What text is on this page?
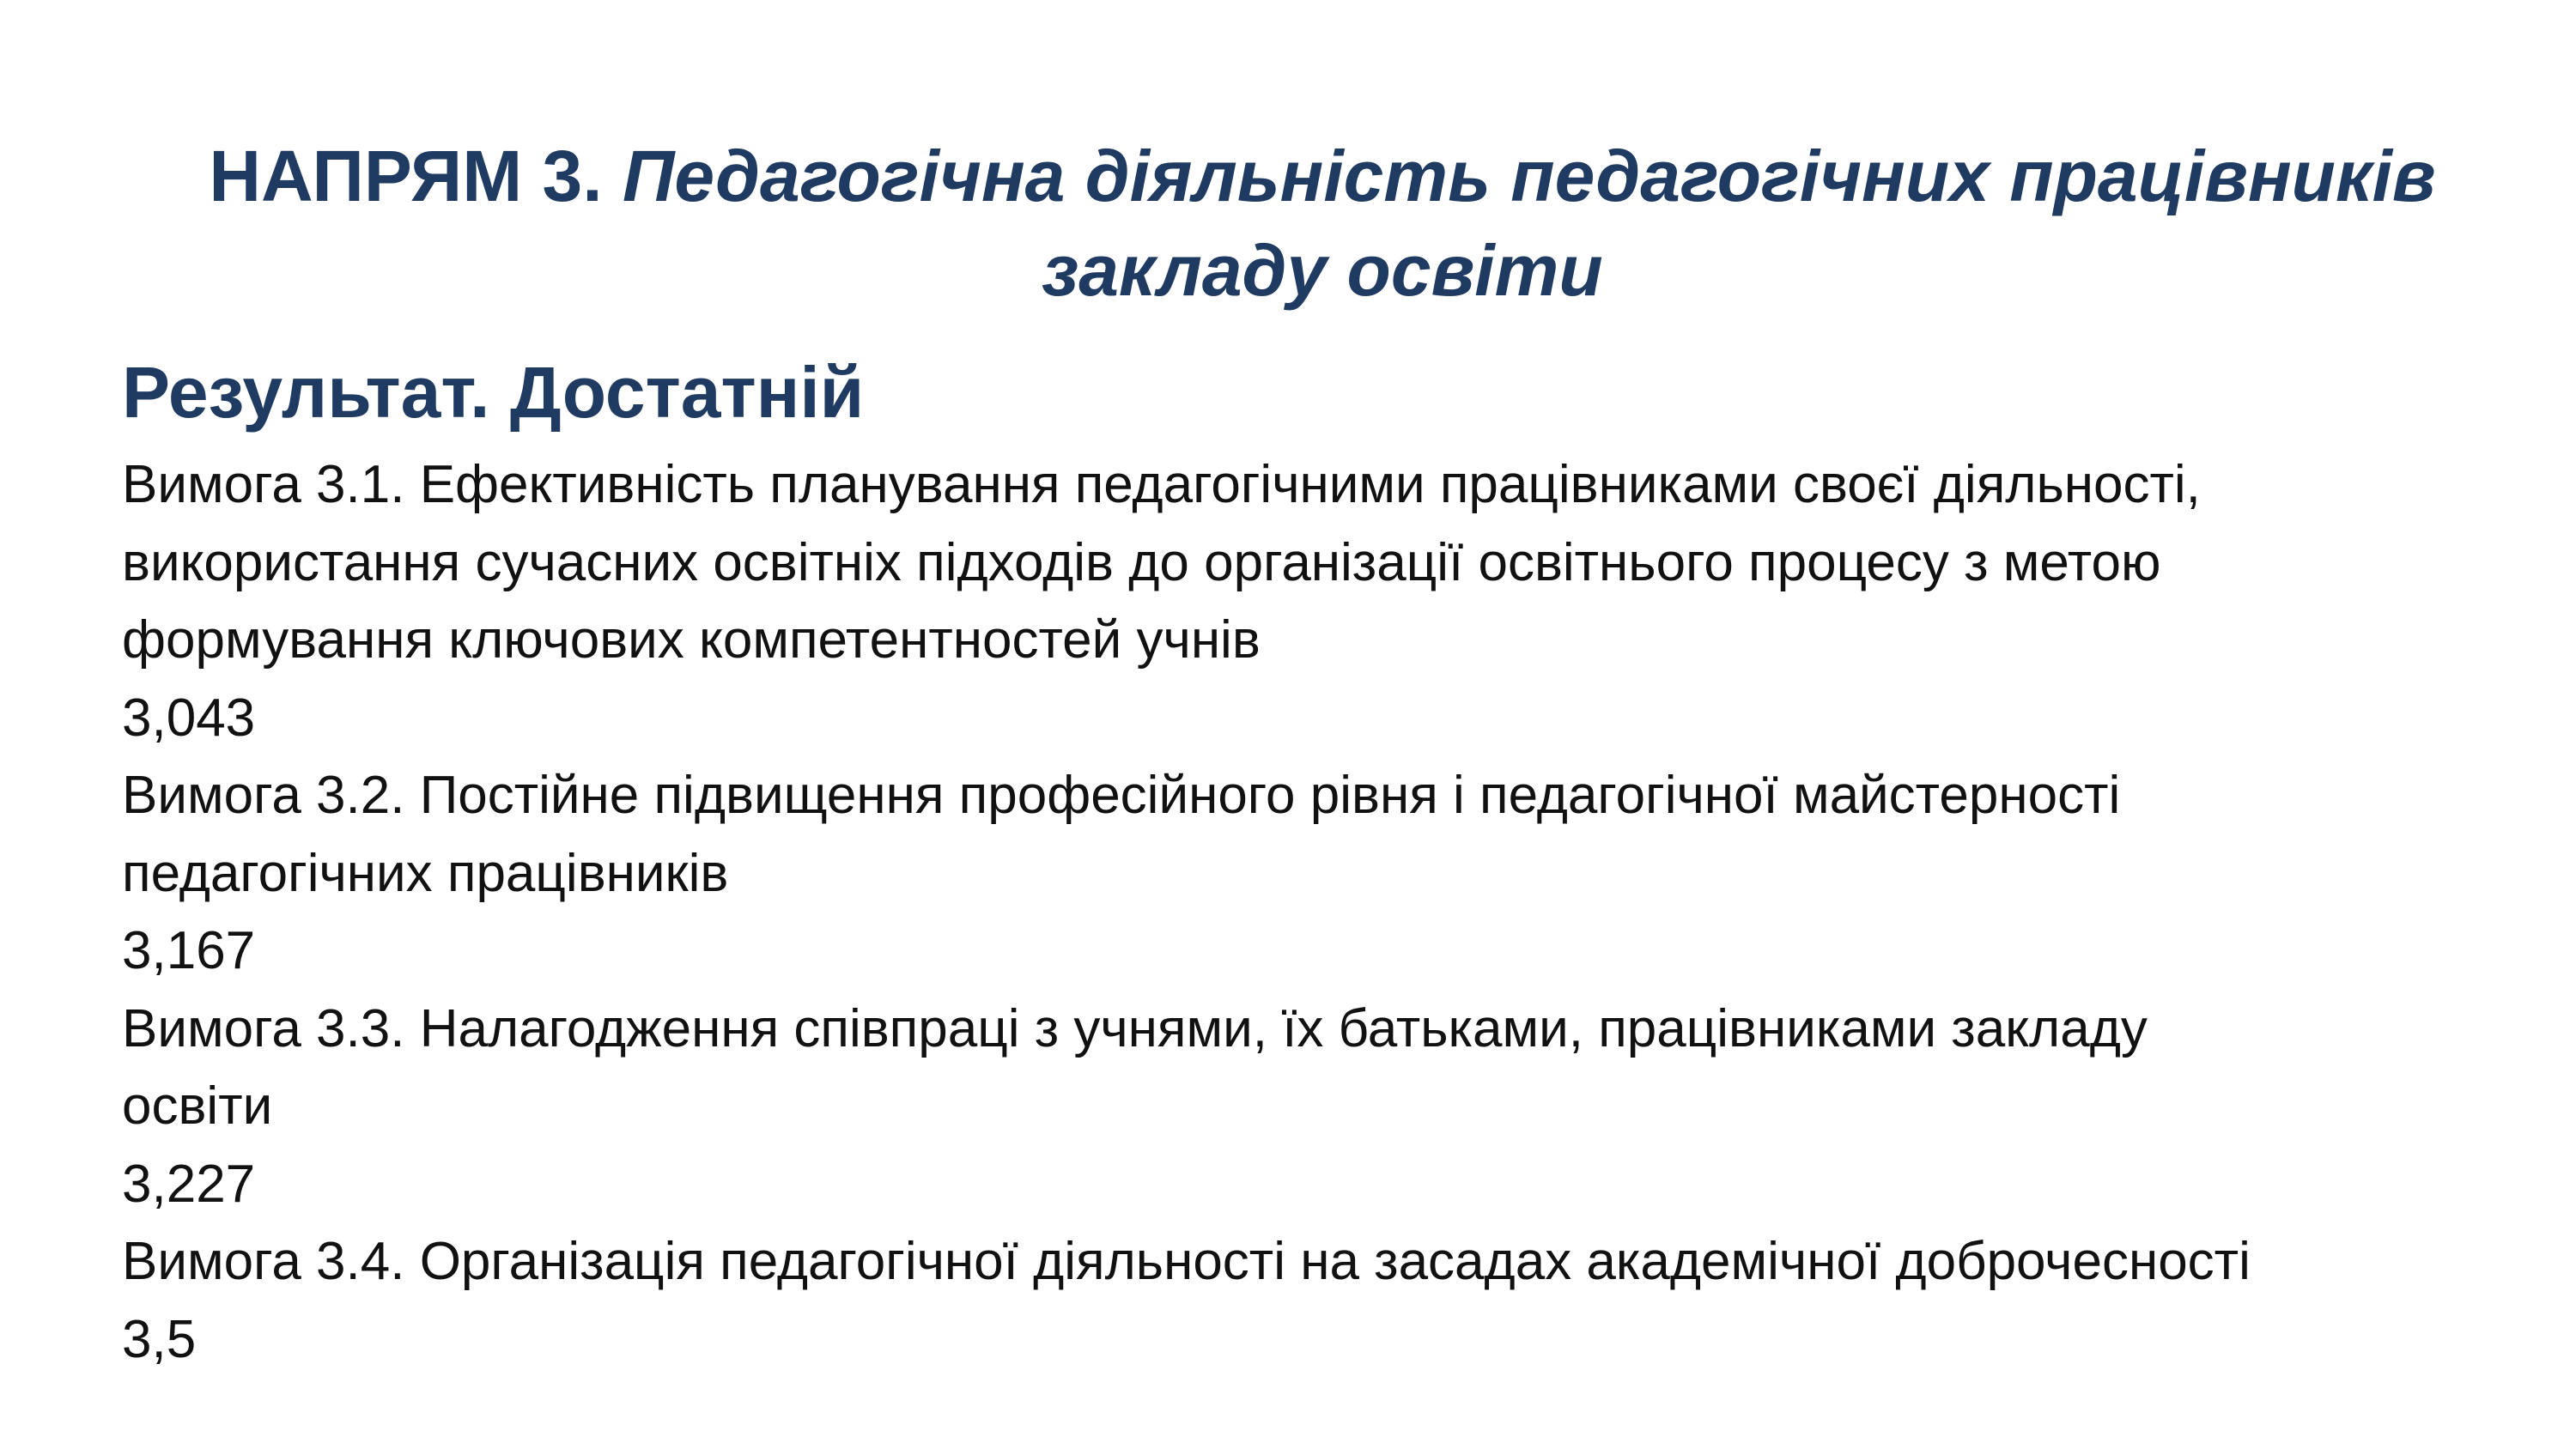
НАПРЯМ 3. Педагогічна діяльність педагогічних працівників
закладу освіти
Результат. Достатній
Вимога 3.1. Ефективність планування педагогічними працівниками своєї діяльності,
використання сучасних освітніх підходів до організації освітнього процесу з метою
формування ключових компетентностей учнів
3,043
Вимога 3.2. Постійне підвищення професійного рівня і педагогічної майстерності
педагогічних працівників
3,167
Вимога 3.3. Налагодження співпраці з учнями, їх батьками, працівниками закладу
освіти
3,227
Вимога 3.4. Організація педагогічної діяльності на засадах академічної доброчесності
3,5
